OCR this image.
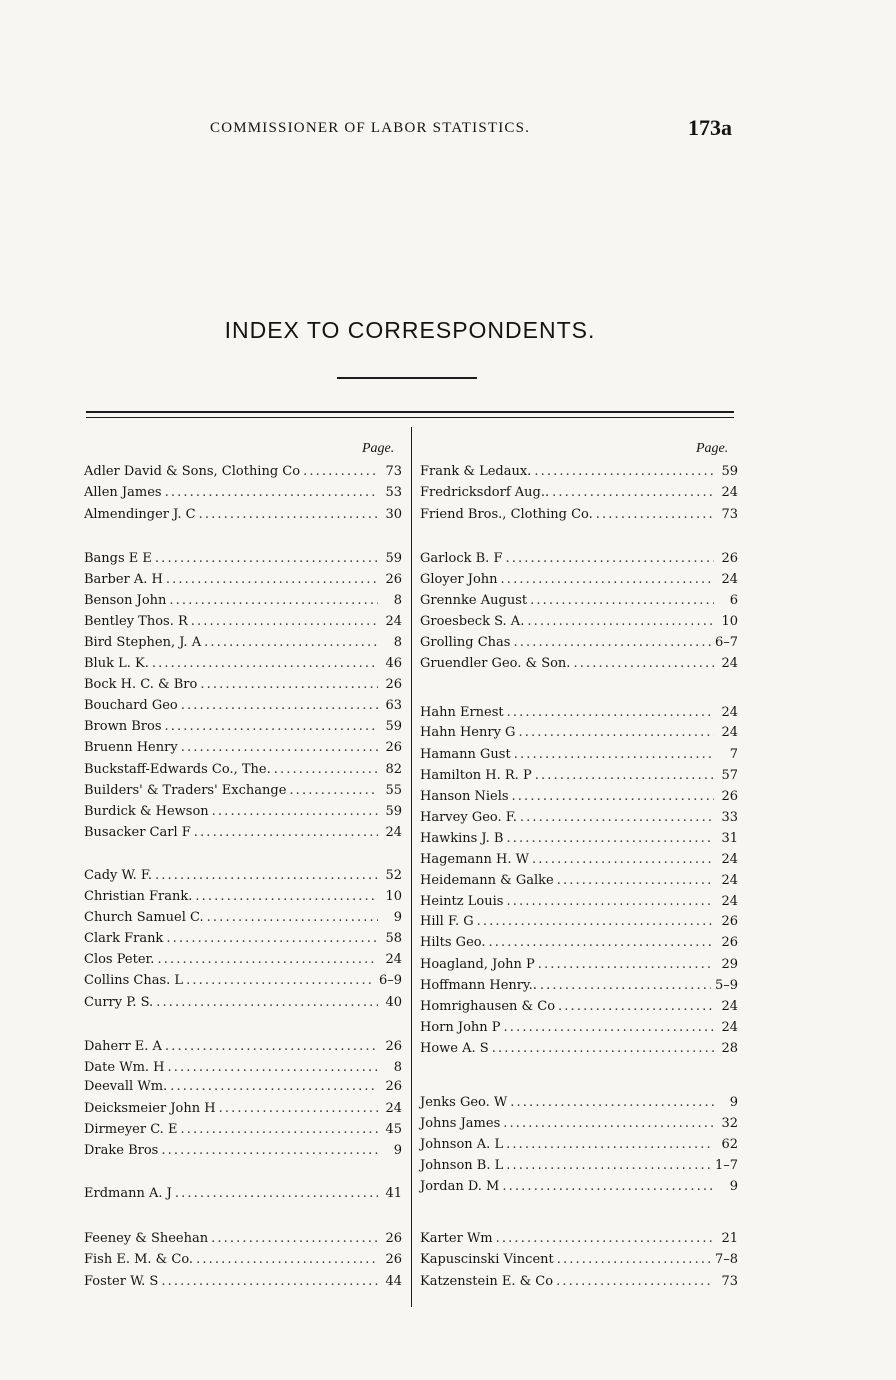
COMMISSIONER OF LABOR STATISTICS.	173a
INDEX TO CORRESPONDENTS.
Page.	Page.
Adler David & Sons, Clothing Co . . .	73
Allen James . . .	53
Almendinger J. C . . .	30
Bangs E E . . .	59
Barber A. H . . .	26
Benson John . . .	8
Bentley Thos. R . . .	24
Bird Stephen, J. A . . .	8
Bluk L. K. . . .	46
Bock H. C. & Bro . . .	26
Bouchard Geo . . .	63
Brown Bros . . .	59
Bruenn Henry . . .	26
Buckstaff-Edwards Co., The. . . .	82
Builders' & Traders' Exchange . . .	55
Burdick & Hewson . . .	59
Busacker Carl F . . .	24
Cady W. F. . . .	52
Christian Frank. . . .	10
Church Samuel C. . . .	9
Clark Frank . . .	58
Clos Peter. . . .	24
Collins Chas. L . . .	6–9
Curry P. S. . . .	40
Daherr E. A . . .	26
Date Wm. H . . .	8
Deevall Wm. . . .	26
Deicksmeier John H . . .	24
Dirmeyer C. E . . .	45
Drake Bros . . .	9
Erdmann A. J . . .	41
Feeney & Sheehan . . .	26
Fish E. M. & Co. . . .	26
Foster W. S . . .	44
Frank & Ledaux. . . .	59
Fredricksdorf Aug.. . . .	24
Friend Bros., Clothing Co. . . .	73
Garlock B. F . . .	26
Gloyer John . . .	24
Grennke August . . .	6
Groesbeck S. A. . . .	10
Grolling Chas . . .	6–7
Gruendler Geo. & Son. . . .	24
Hahn Ernest . . .	24
Hahn Henry G . . .	24
Hamann Gust . . .	7
Hamilton H. R. P . . .	57
Hanson Niels . . .	26
Harvey Geo. F. . . .	33
Hawkins J. B . . .	31
Hagemann H. W . . .	24
Heidemann & Galke . . .	24
Heintz Louis . . .	24
Hill F. G . . .	26
Hilts Geo. . . .	26
Hoagland, John P . . .	29
Hoffmann Henry.. . . .	5–9
Homrighausen & Co . . .	24
Horn John P . . .	24
Howe A. S . . .	28
Jenks Geo. W . . .	9
Johns James . . .	32
Johnson A. L . . .	62
Johnson B. L . . .	1–7
Jordan D. M . . .	9
Karter Wm . . .	21
Kapuscinski Vincent . . .	7–8
Katzenstein E. & Co . . .	73
